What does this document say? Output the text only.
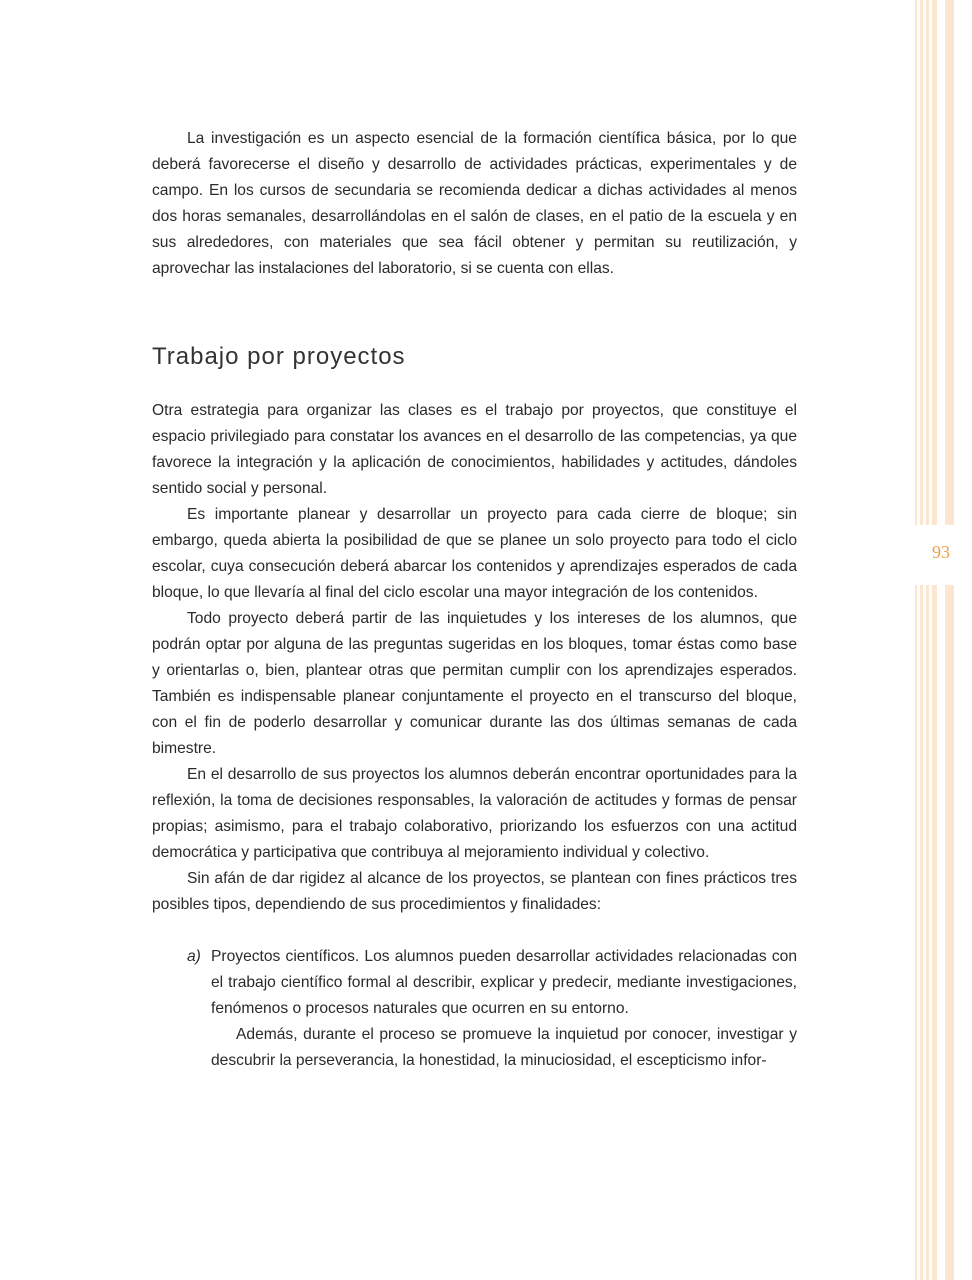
93

La investigación es un aspecto esencial de la formación científica básica, por lo que deberá favorecerse el diseño y desarrollo de actividades prácticas, experimentales y de campo. En los cursos de secundaria se recomienda dedicar a dichas actividades al menos dos horas semanales, desarrollándolas en el salón de clases, en el patio de la escuela y en sus alrededores, con materiales que sea fácil obtener y permitan su reutilización, y aprovechar las instalaciones del laboratorio, si se cuenta con ellas.

Trabajo por proyectos

Otra estrategia para organizar las clases es el trabajo por proyectos, que constituye el espacio privilegiado para constatar los avances en el desarrollo de las competencias, ya que favorece la integración y la aplicación de conocimientos, habilidades y actitudes, dándoles sentido social y personal.

Es importante planear y desarrollar un proyecto para cada cierre de bloque; sin embargo, queda abierta la posibilidad de que se planee un solo proyecto para todo el ciclo escolar, cuya consecución deberá abarcar los contenidos y aprendizajes esperados de cada bloque, lo que llevaría al final del ciclo escolar una mayor integración de los contenidos.

Todo proyecto deberá partir de las inquietudes y los intereses de los alumnos, que podrán optar por alguna de las preguntas sugeridas en los bloques, tomar éstas como base y orientarlas o, bien, plantear otras que permitan cumplir con los aprendizajes esperados. También es indispensable planear conjuntamente el proyecto en el transcurso del bloque, con el fin de poderlo desarrollar y comunicar durante las dos últimas semanas de cada bimestre.

En el desarrollo de sus proyectos los alumnos deberán encontrar oportunidades para la reflexión, la toma de decisiones responsables, la valoración de actitudes y formas de pensar propias; asimismo, para el trabajo colaborativo, priorizando los esfuerzos con una actitud democrática y participativa que contribuya al mejoramiento individual y colectivo.

Sin afán de dar rigidez al alcance de los proyectos, se plantean con fines prácticos tres posibles tipos, dependiendo de sus procedimientos y finalidades:

a) Proyectos científicos. Los alumnos pueden desarrollar actividades relacionadas con el trabajo científico formal al describir, explicar y predecir, mediante investigaciones, fenómenos o procesos naturales que ocurren en su entorno.

Además, durante el proceso se promueve la inquietud por conocer, investigar y descubrir la perseverancia, la honestidad, la minuciosidad, el escepticismo infor-
